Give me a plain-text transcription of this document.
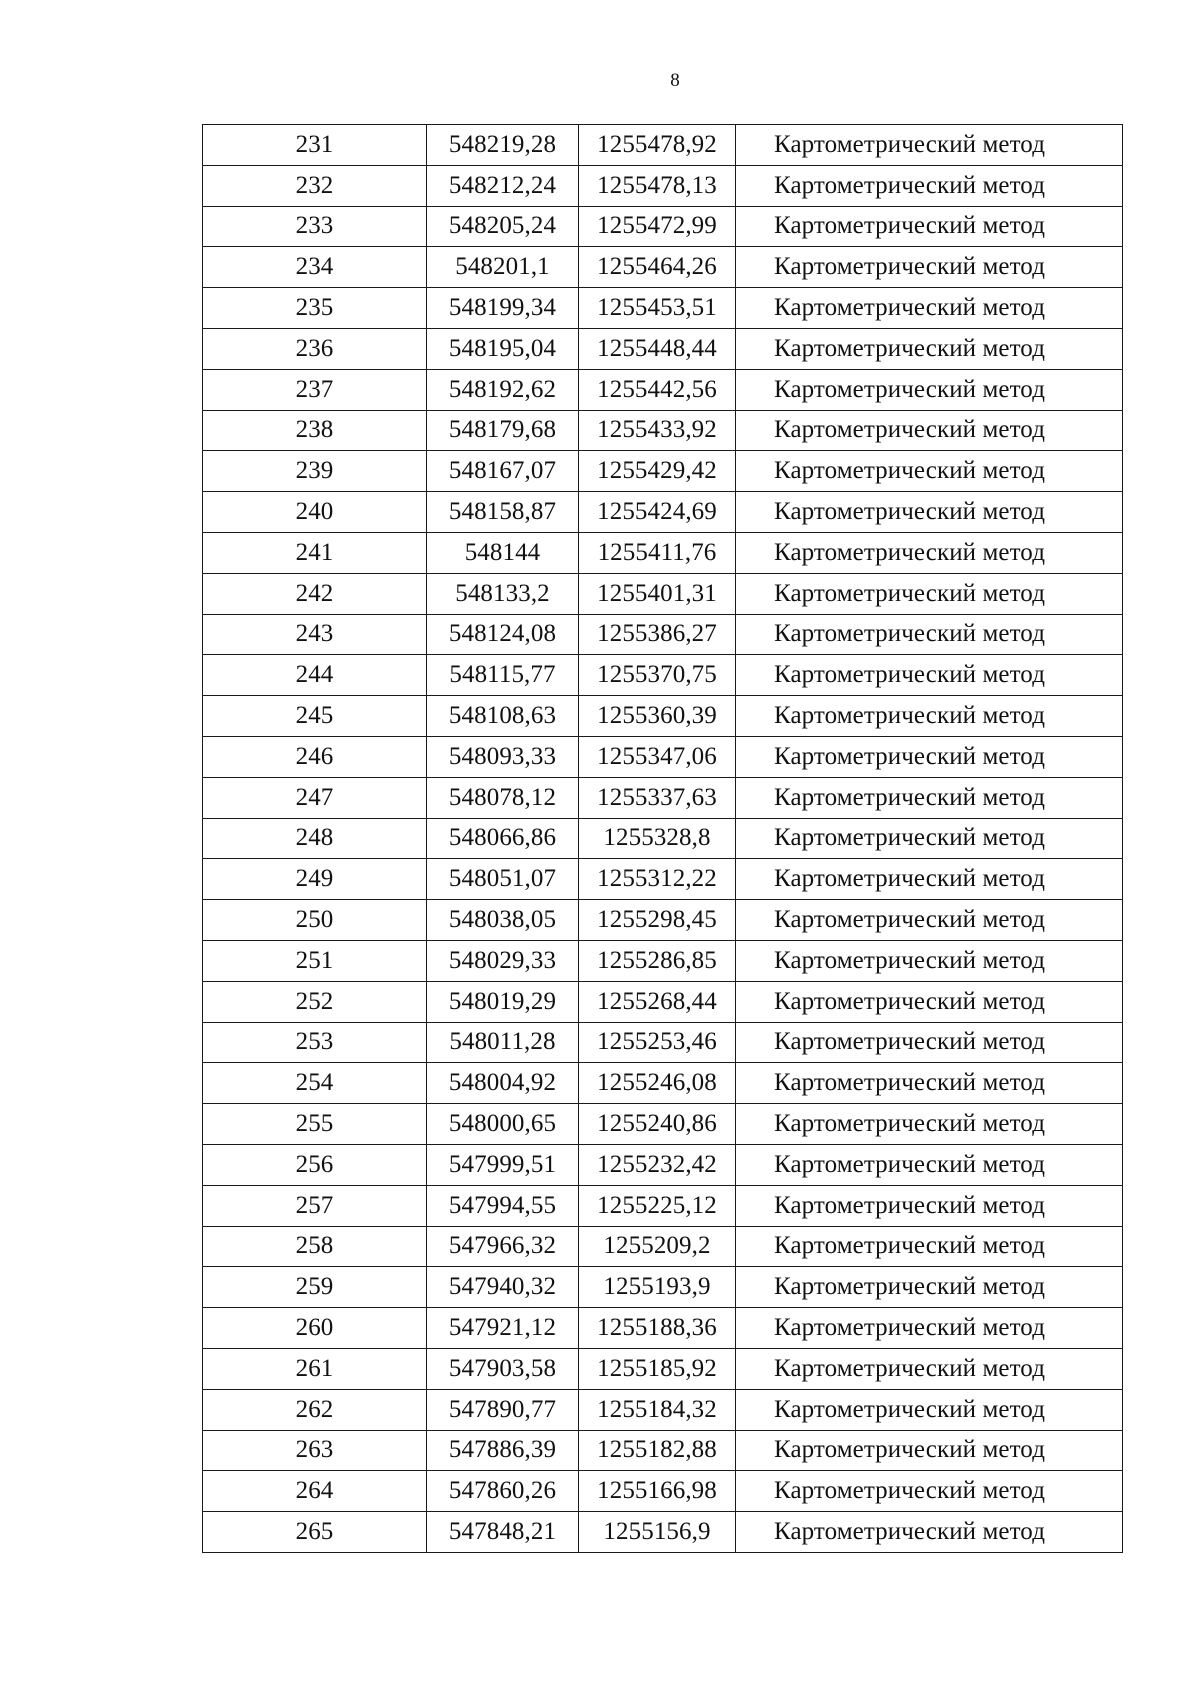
8
231	548219,28	1255478,92	Картометрический метод
232	548212,24	1255478,13	Картометрический метод
233	548205,24	1255472,99	Картометрический метод
234	548201,1	1255464,26	Картометрический метод
235	548199,34	1255453,51	Картометрический метод
236	548195,04	1255448,44	Картометрический метод
237	548192,62	1255442,56	Картометрический метод
238	548179,68	1255433,92	Картометрический метод
239	548167,07	1255429,42	Картометрический метод
240	548158,87	1255424,69	Картометрический метод
241	548144	1255411,76	Картометрический метод
242	548133,2	1255401,31	Картометрический метод
243	548124,08	1255386,27	Картометрический метод
244	548115,77	1255370,75	Картометрический метод
245	548108,63	1255360,39	Картометрический метод
246	548093,33	1255347,06	Картометрический метод
247	548078,12	1255337,63	Картометрический метод
248	548066,86	1255328,8	Картометрический метод
249	548051,07	1255312,22	Картометрический метод
250	548038,05	1255298,45	Картометрический метод
251	548029,33	1255286,85	Картометрический метод
252	548019,29	1255268,44	Картометрический метод
253	548011,28	1255253,46	Картометрический метод
254	548004,92	1255246,08	Картометрический метод
255	548000,65	1255240,86	Картометрический метод
256	547999,51	1255232,42	Картометрический метод
257	547994,55	1255225,12	Картометрический метод
258	547966,32	1255209,2	Картометрический метод
259	547940,32	1255193,9	Картометрический метод
260	547921,12	1255188,36	Картометрический метод
261	547903,58	1255185,92	Картометрический метод
262	547890,77	1255184,32	Картометрический метод
263	547886,39	1255182,88	Картометрический метод
264	547860,26	1255166,98	Картометрический метод
265	547848,21	1255156,9	Картометрический метод
